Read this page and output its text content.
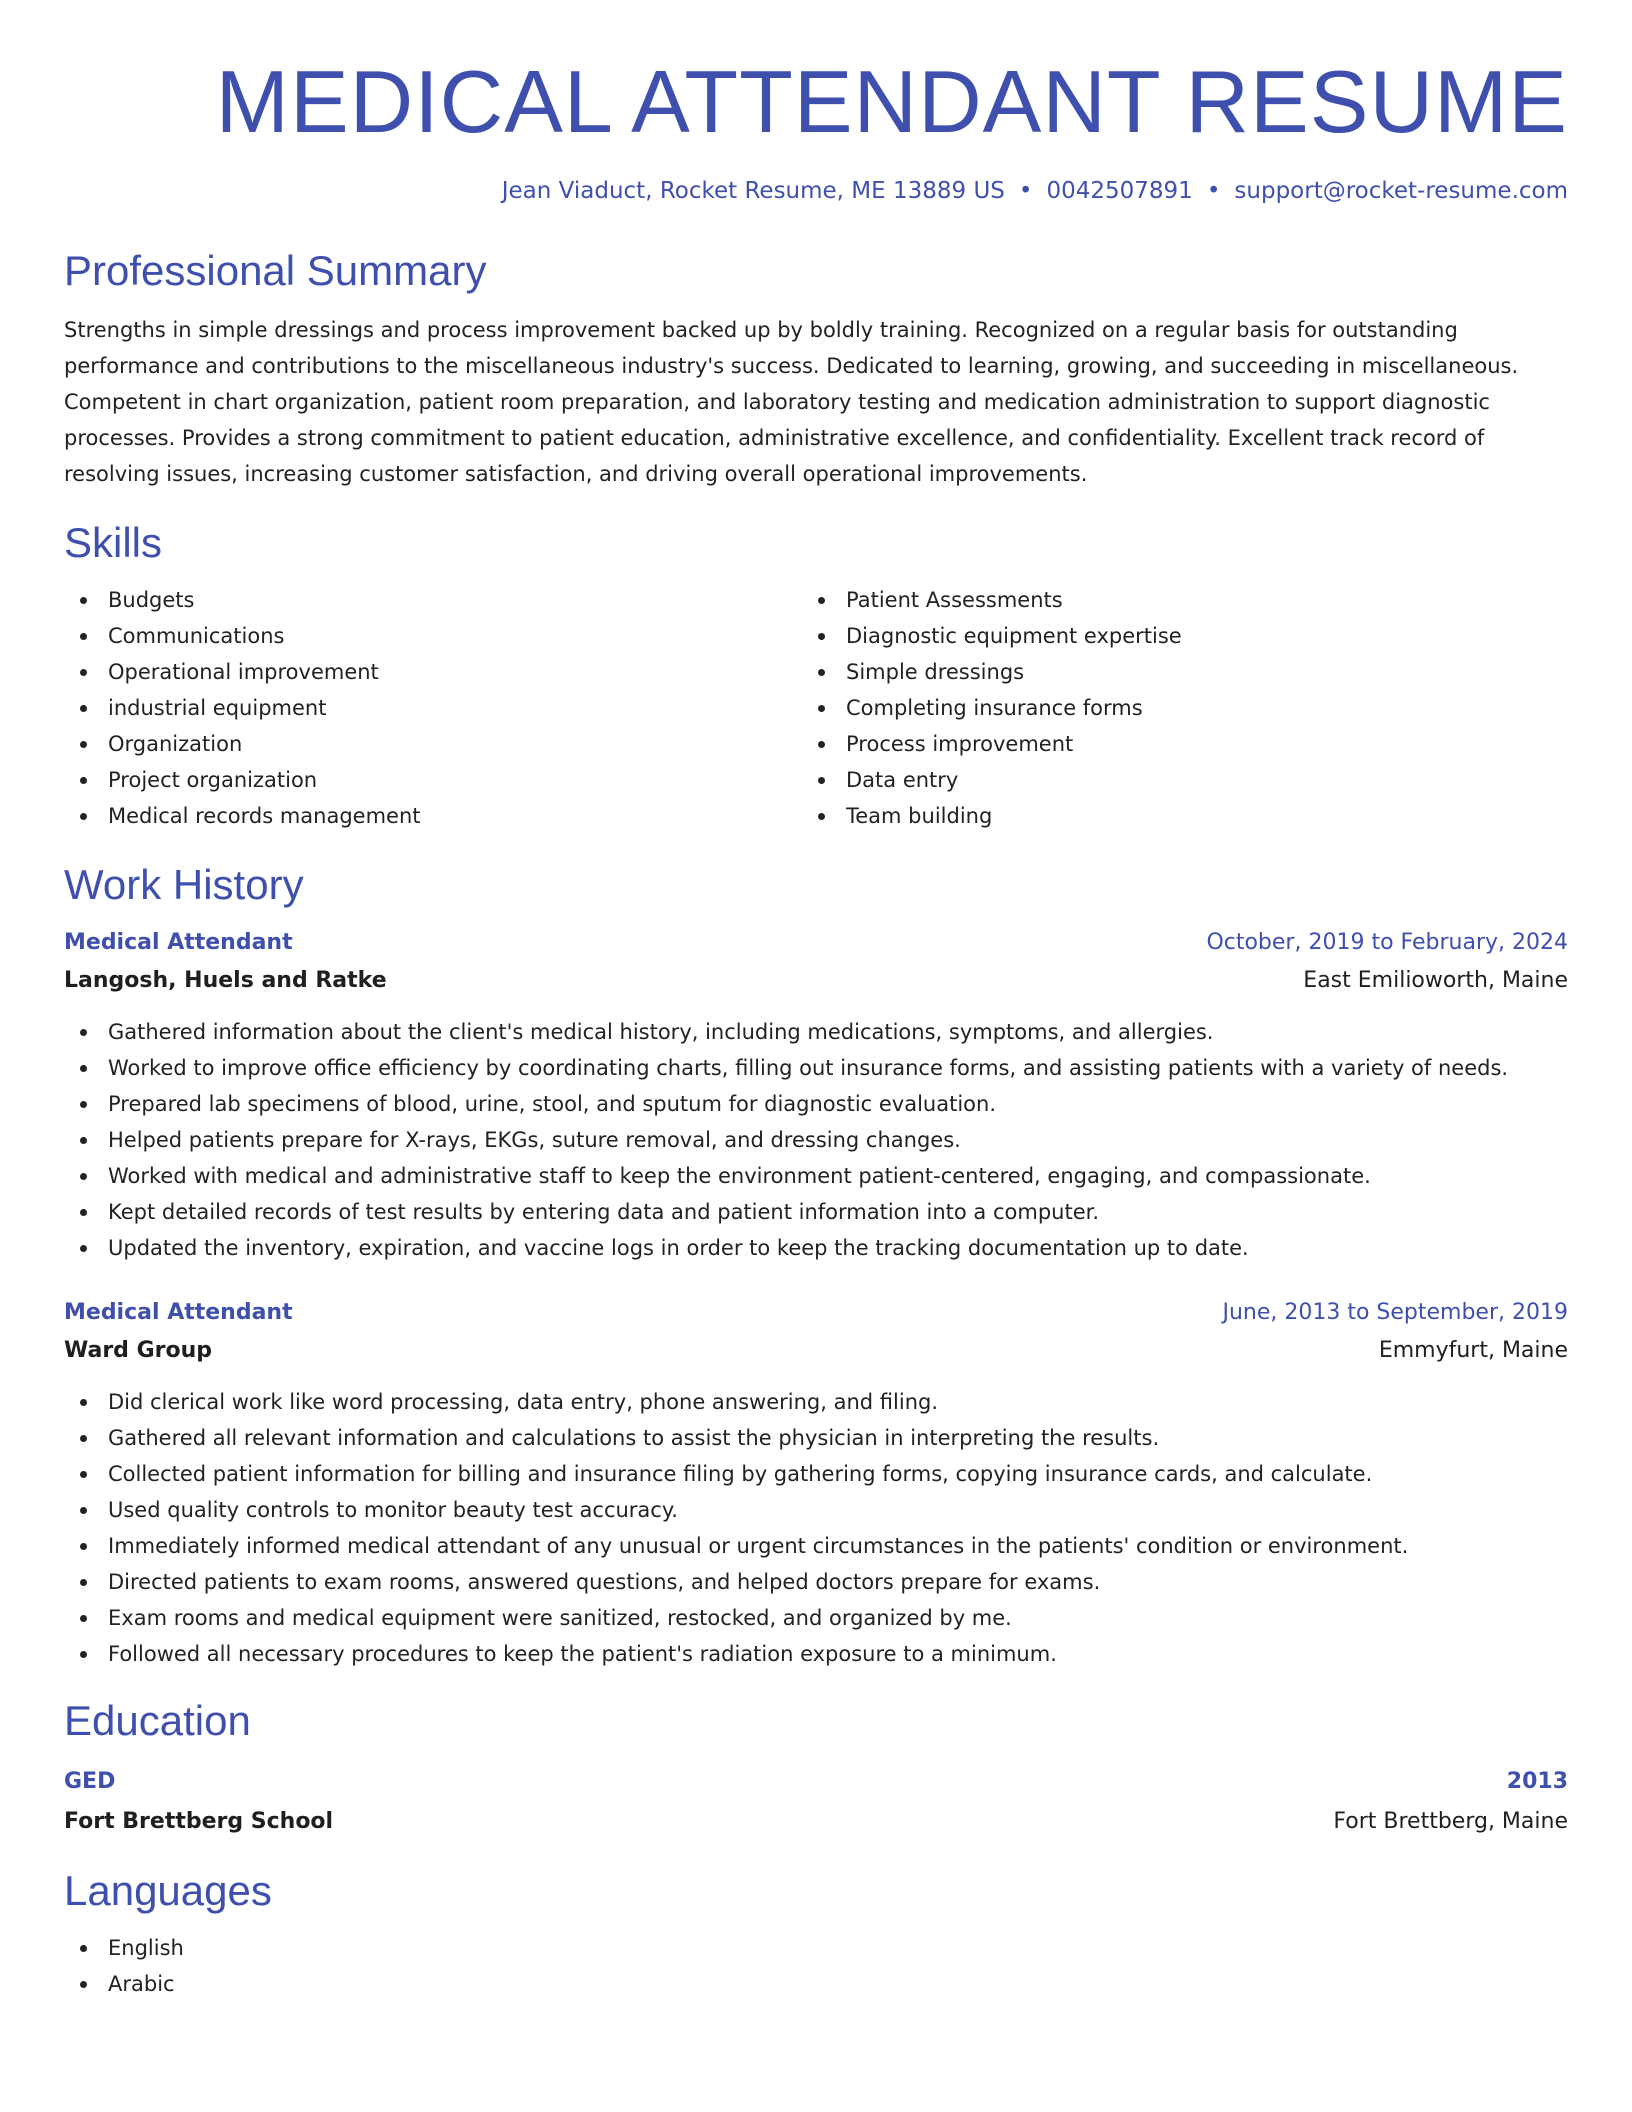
MEDICAL ATTENDANT RESUME
Jean Viaduct, Rocket Resume, ME 13889 US • 0042507891 • support@rocket-resume.com
Professional Summary

Strengths in simple dressings and process improvement backed up by boldly training. Recognized on a regular basis for outstanding performance and contributions to the miscellaneous industry's success. Dedicated to learning, growing, and succeeding in miscellaneous. Competent in chart organization, patient room preparation, and laboratory testing and medication administration to support diagnostic processes. Provides a strong commitment to patient education, administrative excellence, and confidentiality. Excellent track record of resolving issues, increasing customer satisfaction, and driving overall operational improvements.

Skills
Budgets
Communications
Operational improvement
industrial equipment
Organization
Project organization
Medical records management
Patient Assessments
Diagnostic equipment expertise
Simple dressings
Completing insurance forms
Process improvement
Data entry
Team building
Work History
Medical Attendant	October, 2019 to February, 2024
Langosh, Huels and Ratke	East Emilioworth, Maine
Gathered information about the client's medical history, including medications, symptoms, and allergies.
Worked to improve office efficiency by coordinating charts, filling out insurance forms, and assisting patients with a variety of needs.
Prepared lab specimens of blood, urine, stool, and sputum for diagnostic evaluation.
Helped patients prepare for X-rays, EKGs, suture removal, and dressing changes.
Worked with medical and administrative staff to keep the environment patient-centered, engaging, and compassionate.
Kept detailed records of test results by entering data and patient information into a computer.
Updated the inventory, expiration, and vaccine logs in order to keep the tracking documentation up to date.
Medical Attendant	June, 2013 to September, 2019
Ward Group	Emmyfurt, Maine
Did clerical work like word processing, data entry, phone answering, and filing.
Gathered all relevant information and calculations to assist the physician in interpreting the results.
Collected patient information for billing and insurance filing by gathering forms, copying insurance cards, and calculate.
Used quality controls to monitor beauty test accuracy.
Immediately informed medical attendant of any unusual or urgent circumstances in the patients' condition or environment.
Directed patients to exam rooms, answered questions, and helped doctors prepare for exams.
Exam rooms and medical equipment were sanitized, restocked, and organized by me.
Followed all necessary procedures to keep the patient's radiation exposure to a minimum.
Education
GED	2013
Fort Brettberg School	Fort Brettberg, Maine
Languages
English
Arabic
